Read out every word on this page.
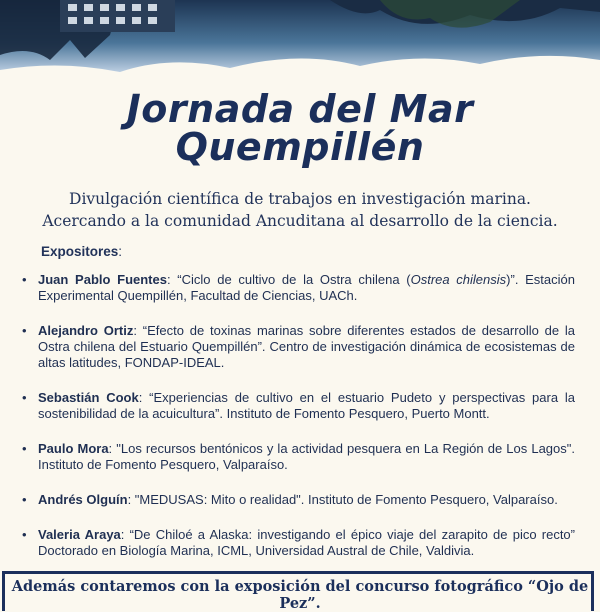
Jornada del Mar
Quempillén
Divulgación científica de trabajos en investigación marina.
Acercando a la comunidad Ancuditana al desarrollo de la ciencia.
Expositores:
• Juan Pablo Fuentes: “Ciclo de cultivo de la Ostra chilena (Ostrea chilensis)”. Estación Experimental Quempillén, Facultad de Ciencias, UACh.
• Alejandro Ortiz: “Efecto de toxinas marinas sobre diferentes estados de desarrollo de la Ostra chilena del Estuario Quempillén”. Centro de investigación dinámica de ecosistemas de altas latitudes, FONDAP-IDEAL.
• Sebastián Cook: “Experiencias de cultivo en el estuario Pudeto y perspectivas para la sostenibilidad de la acuicultura”. Instituto de Fomento Pesquero, Puerto Montt.
• Paulo Mora: "Los recursos bentónicos y la actividad pesquera en La Región de Los Lagos". Instituto de Fomento Pesquero, Valparaíso.
• Andrés Olguín: "MEDUSAS: Mito o realidad". Instituto de Fomento Pesquero, Valparaíso.
• Valeria Araya: “De Chiloé a Alaska: investigando el épico viaje del zarapito de pico recto” Doctorado en Biología Marina, ICML, Universidad Austral de Chile, Valdivia.
Además contaremos con la exposición del concurso fotográfico “Ojo de Pez”.
